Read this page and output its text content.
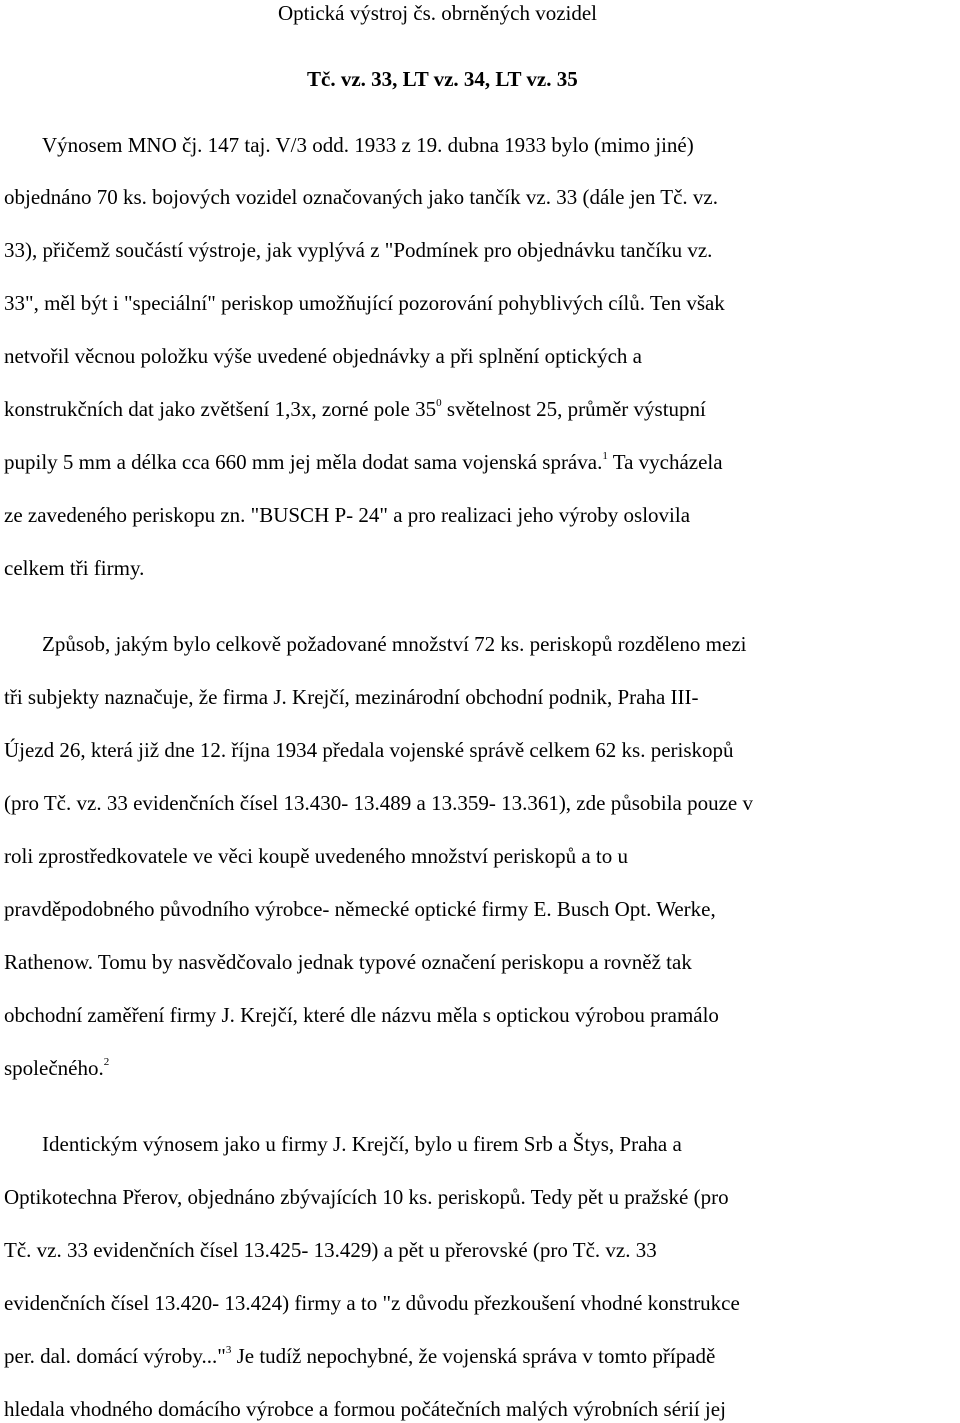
Optická výstroj čs. obrněných vozidel
Tč. vz. 33, LT vz. 34, LT vz. 35
Výnosem MNO čj. 147 taj. V/3 odd. 1933 z 19. dubna 1933 bylo (mimo jiné)
objednáno 70 ks. bojových vozidel označovaných jako tančík vz. 33 (dále jen Tč. vz.
33), přičemž součástí výstroje, jak vyplývá z "Podmínek pro objednávku tančíku vz.
33", měl být i "speciální" periskop umožňující pozorování pohyblivých cílů. Ten však
netvořil věcnou položku výše uvedené objednávky a při splnění optických a
konstrukčních dat jako zvětšení 1,3x, zorné pole $35^0$ světelnost 25, průměr výstupní
pupily 5 mm a délka cca 660 mm jej měla dodat sama vojenská správa.$^1$ Ta vycházela
ze zavedeného periskopu zn. "BUSCH P- 24" a pro realizaci jeho výroby oslovila
celkem tři firmy.
Způsob, jakým bylo celkově požadované množství 72 ks. periskopů rozděleno mezi
tři subjekty naznačuje, že firma J. Krejčí, mezinárodní obchodní podnik, Praha III-
Újezd 26, která již dne 12. října 1934 předala vojenské správě celkem 62 ks. periskopů
(pro Tč. vz. 33 evidenčních čísel 13.430- 13.489 a 13.359- 13.361), zde působila pouze v
roli zprostředkovatele ve věci koupě uvedeného množství periskopů a to u
pravděpodobného původního výrobce- německé optické firmy E. Busch Opt. Werke,
Rathenow. Tomu by nasvědčovalo jednak typové označení periskopu a rovněž tak
obchodní zaměření firmy J. Krejčí, které dle názvu měla s optickou výrobou pramálo
společného.$^2$
Identickým výnosem jako u firmy J. Krejčí, bylo u firem Srb a Štys, Praha a
Optikotechna Přerov, objednáno zbývajících 10 ks. periskopů. Tedy pět u pražské (pro
Tč. vz. 33 evidenčních čísel 13.425- 13.429) a pět u přerovské (pro Tč. vz. 33
evidenčních čísel 13.420- 13.424) firmy a to "z důvodu přezkoušení vhodné konstrukce
per. dal. domácí výroby..."$^3$ Je tudíž nepochybné, že vojenská správa v tomto případě
hledala vhodného domácího výrobce a formou počátečních malých výrobních sérií jej
